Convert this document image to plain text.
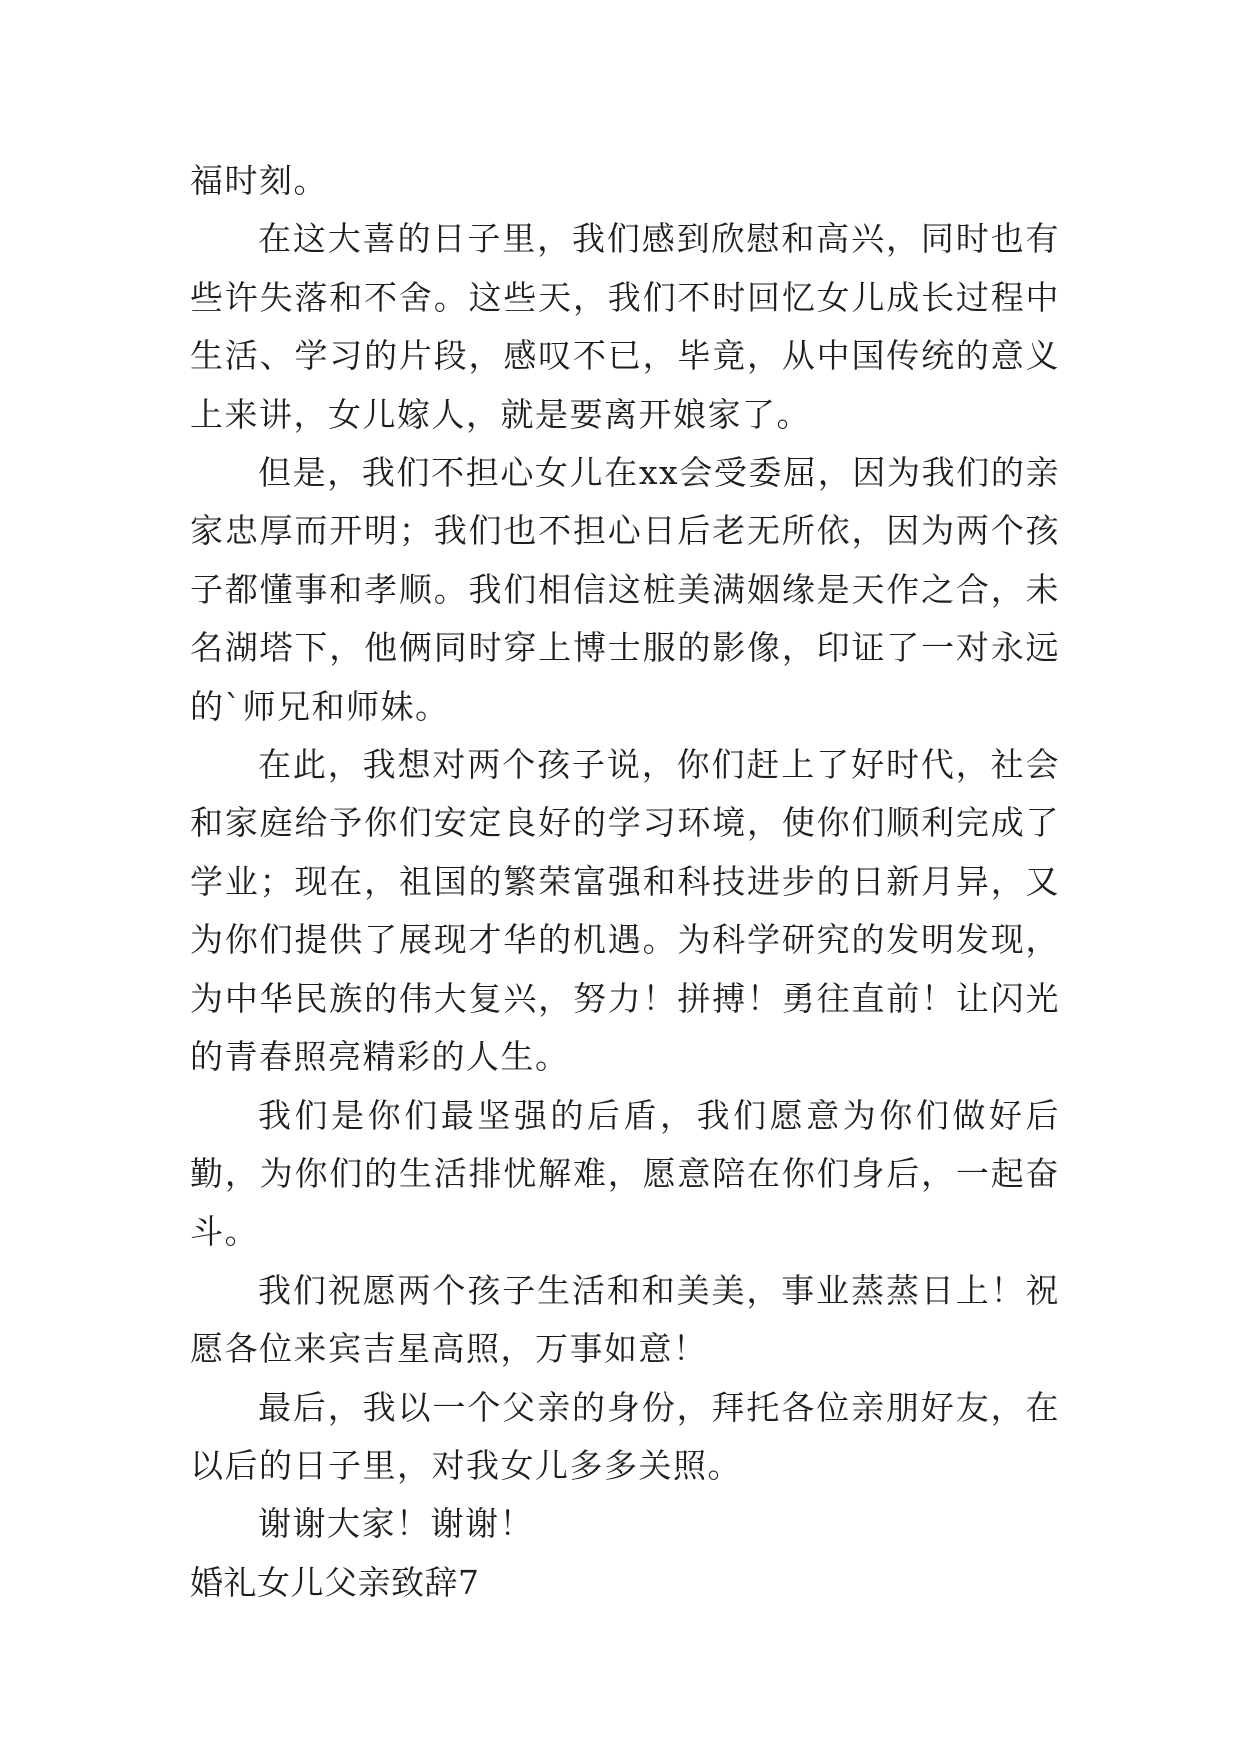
福时刻。

在这大喜的日子里，我们感到欣慰和高兴，同时也有些许失落和不舍。这些天，我们不时回忆女儿成长过程中生活、学习的片段，感叹不已，毕竟，从中国传统的意义上来讲，女儿嫁人，就是要离开娘家了。

但是，我们不担心女儿在xx会受委屈，因为我们的亲家忠厚而开明；我们也不担心日后老无所依，因为两个孩子都懂事和孝顺。我们相信这桩美满姻缘是天作之合，未名湖塔下，他俩同时穿上博士服的影像，印证了一对永远的`师兄和师妹。

在此，我想对两个孩子说，你们赶上了好时代，社会和家庭给予你们安定良好的学习环境，使你们顺利完成了学业；现在，祖国的繁荣富强和科技进步的日新月异，又为你们提供了展现才华的机遇。为科学研究的发明发现，为中华民族的伟大复兴，努力！拼搏！勇往直前！让闪光的青春照亮精彩的人生。

我们是你们最坚强的后盾，我们愿意为你们做好后勤，为你们的生活排忧解难，愿意陪在你们身后，一起奋斗。

我们祝愿两个孩子生活和和美美，事业蒸蒸日上！祝愿各位来宾吉星高照，万事如意！

最后，我以一个父亲的身份，拜托各位亲朋好友，在以后的日子里，对我女儿多多关照。

谢谢大家！谢谢！

婚礼女儿父亲致辞7
